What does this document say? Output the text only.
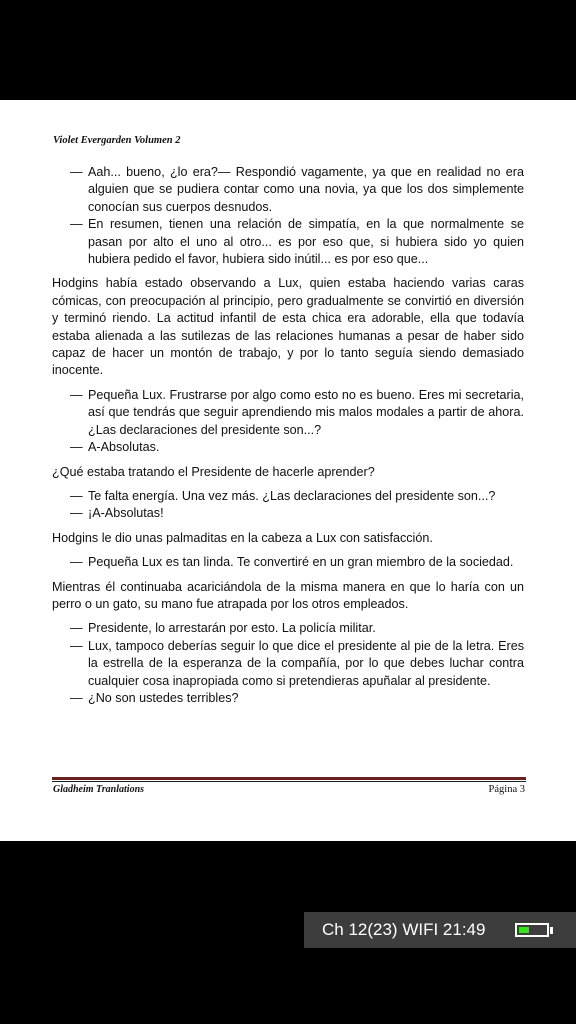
Violet Evergarden Volumen 2
— Aah... bueno, ¿lo era?— Respondió vagamente, ya que en realidad no era alguien que se pudiera contar como una novia, ya que los dos simplemente conocían sus cuerpos desnudos.
— En resumen, tienen una relación de simpatía, en la que normalmente se pasan por alto el uno al otro... es por eso que, si hubiera sido yo quien hubiera pedido el favor, hubiera sido inútil... es por eso que...

Hodgins había estado observando a Lux, quien estaba haciendo varias caras cómicas, con preocupación al principio, pero gradualmente se convirtió en diversión y terminó riendo. La actitud infantil de esta chica era adorable, ella que todavía estaba alienada a las sutilezas de las relaciones humanas a pesar de haber sido capaz de hacer un montón de trabajo, y por lo tanto seguía siendo demasiado inocente.

— Pequeña Lux. Frustrarse por algo como esto no es bueno. Eres mi secretaria, así que tendrás que seguir aprendiendo mis malos modales a partir de ahora. ¿Las declaraciones del presidente son...?
— A-Absolutas.

¿Qué estaba tratando el Presidente de hacerle aprender?

— Te falta energía. Una vez más. ¿Las declaraciones del presidente son...?
— ¡A-Absolutas!

Hodgins le dio unas palmaditas en la cabeza a Lux con satisfacción.

— Pequeña Lux es tan linda. Te convertiré en un gran miembro de la sociedad.

Mientras él continuaba acariciándola de la misma manera en que lo haría con un perro o un gato, su mano fue atrapada por los otros empleados.

— Presidente, lo arrestarán por esto. La policía militar.
— Lux, tampoco deberías seguir lo que dice el presidente al pie de la letra. Eres la estrella de la esperanza de la compañía, por lo que debes luchar contra cualquier cosa inapropiada como si pretendieras apuñalar al presidente.
— ¿No son ustedes terribles?
Gladheim Tranlations	Página 3
Ch 12(23) WIFI 21:49
